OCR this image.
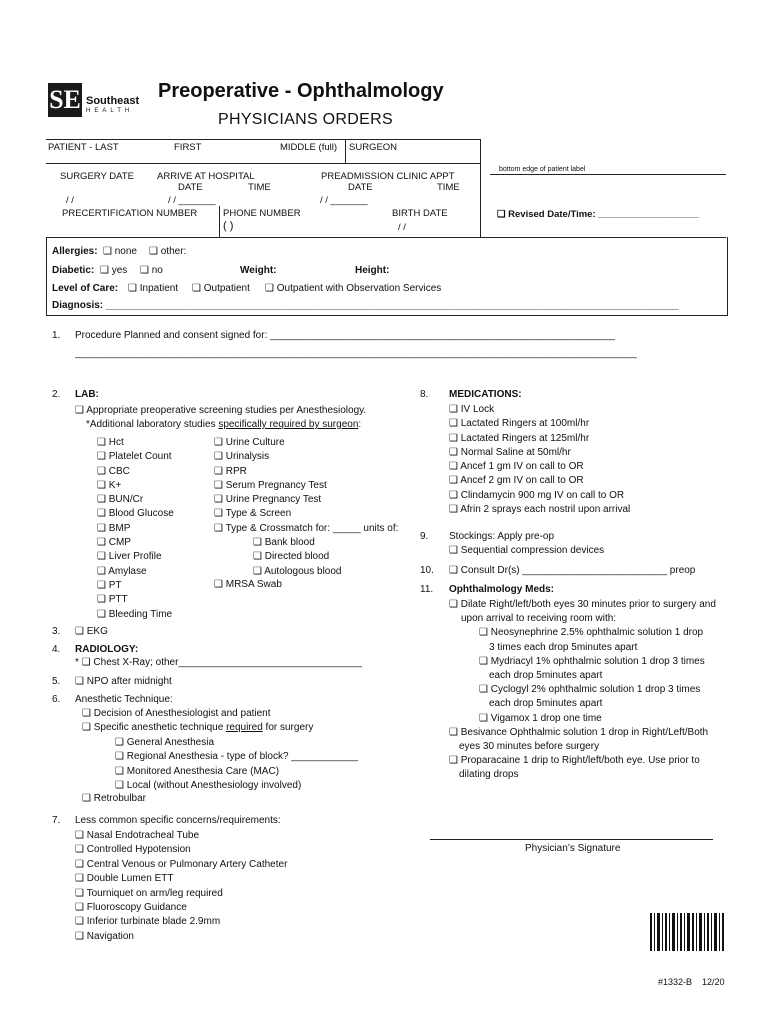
SE Southeast
HEALTH
Preoperative - Ophthalmology
PHYSICIANS ORDERS
PATIENT - LAST	FIRST	MIDDLE (full) SURGEON
SURGERY DATE ARRIVE AT HOSPITAL
DATE	TIME
PREADMISSION CLINIC APPT
DATE	TIME
/ /	/ / _______	/ / _______
bottom edge of patient label
PRECERTIFICATION NUMBER	PHONE NUMBER
( )
BIRTH DATE
/ /
❑ Revised Date/Time: ___________________
Allergies: ❑ none ❑ other:
Diabetic: ❑ yes ❑ no	Weight:	Height:
Level of Care: ❑ Inpatient ❑ Outpatient ❑ Outpatient with Observation Services
Diagnosis: _______________________________________________________________________________________________________
1. Procedure Planned and consent signed for: ______________________________________________________________
_____________________________________________________________________________________________________
2. LAB:
❑ Appropriate preoperative screening studies per Anesthesiology.
*Additional laboratory studies specifically required by surgeon:
❑ Hct
❑ Platelet Count
❑ CBC
❑ K+
❑ BUN/Cr
❑ Blood Glucose
❑ BMP
❑ CMP
❑ Liver Profile
❑ Amylase
❑ PT
❑ PTT
❑ Bleeding Time
❑ Urine Culture
❑ Urinalysis
❑ RPR
❑ Serum Pregnancy Test
❑ Urine Pregnancy Test
❑ Type & Screen
❑ Type & Crossmatch for: _____ units of:
❑ Bank blood
❑ Directed blood
❑ Autologous blood
❑ MRSA Swab
3. ❑ EKG
4. RADIOLOGY:
* ❑ Chest X-Ray; other_________________________________
5. ❑ NPO after midnight
6. Anesthetic Technique:
❑ Decision of Anesthesiologist and patient
❑ Specific anesthetic technique required for surgery
❑ General Anesthesia
❑ Regional Anesthesia - type of block? ____________
❑ Monitored Anesthesia Care (MAC)
❑ Local (without Anesthesiology involved)
❑ Retrobulbar
7. Less common specific concerns/requirements:
❑ Nasal Endotracheal Tube
❑ Controlled Hypotension
❑ Central Venous or Pulmonary Artery Catheter
❑ Double Lumen ETT
❑ Tourniquet on arm/leg required
❑ Fluoroscopy Guidance
❑ Inferior turbinate blade 2.9mm
❑ Navigation
8. MEDICATIONS:
❑ IV Lock
❑ Lactated Ringers at 100ml/hr
❑ Lactated Ringers at 125ml/hr
❑ Normal Saline at 50ml/hr
❑ Ancef 1 gm IV on call to OR
❑ Ancef 2 gm IV on call to OR
❑ Clindamycin 900 mg IV on call to OR
❑ Afrin 2 sprays each nostril upon arrival
9. Stockings: Apply pre-op
❑ Sequential compression devices
10. ❑ Consult Dr(s) __________________________ preop
11. Ophthalmology Meds:
❑ Dilate Right/left/both eyes 30 minutes prior to surgery and
upon arrival to receiving room with:
❑ Neosynephrine 2.5% ophthalmic solution 1 drop
3 times each drop 5minutes apart
❑ Mydriacyl 1% ophthalmic solution 1 drop 3 times
each drop 5minutes apart
❑ Cyclogyl 2% ophthalmic solution 1 drop 3 times
each drop 5minutes apart
❑ Vigamox 1 drop one time
❑ Besivance Ophthalmic solution 1 drop in Right/Left/Both
eyes 30 minutes before surgery
❑ Proparacaine 1 drip to Right/left/both eye. Use prior to
dilating drops
Physician’s Signature
#1332-B 12/20
